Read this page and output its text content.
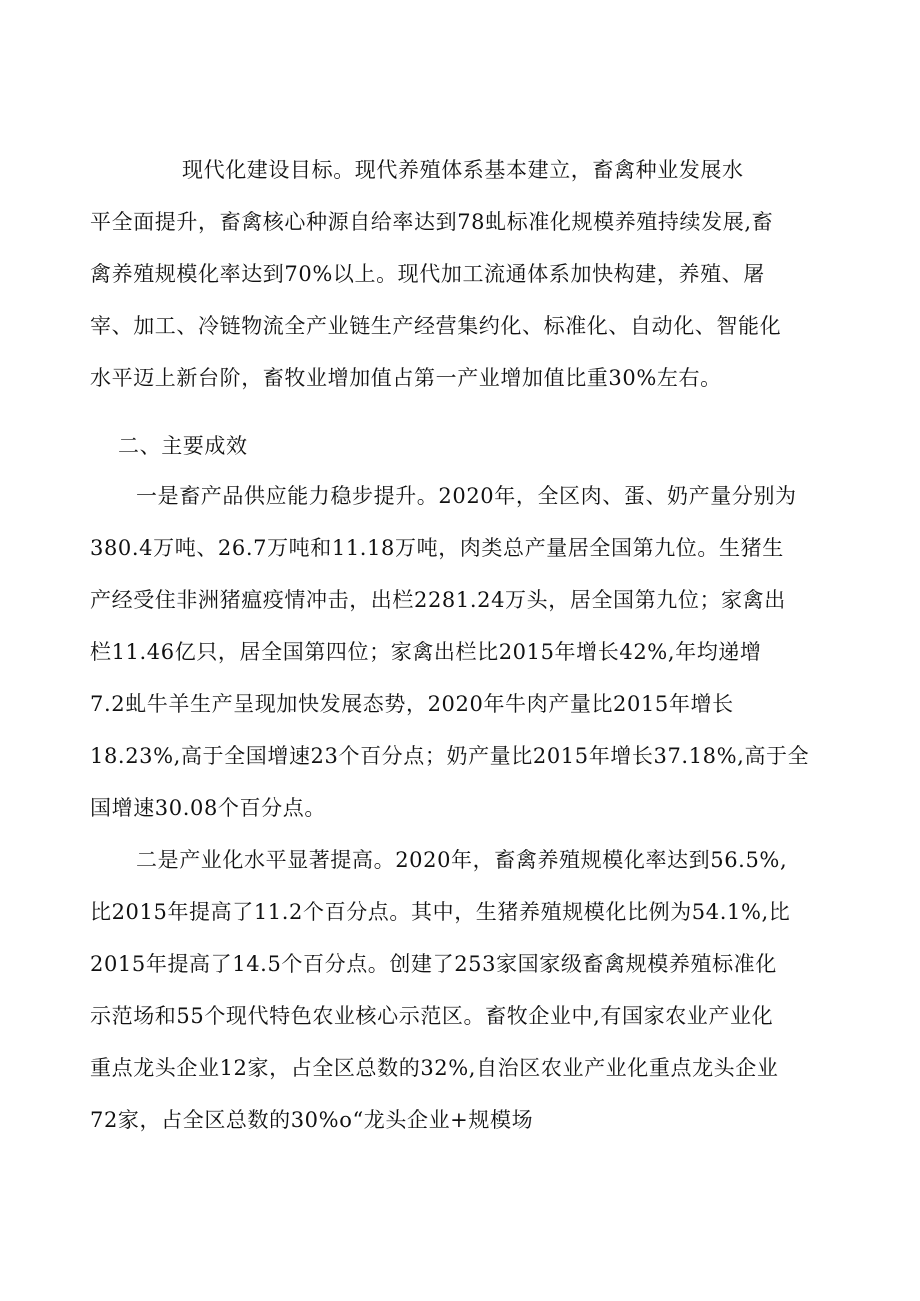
现代化建设目标。现代养殖体系基本建立，畜禽种业发展水
平全面提升，畜禽核心种源自给率达到78虬标准化规模养殖持续发展,畜
禽养殖规模化率达到70%以上。现代加工流通体系加快构建，养殖、屠
宰、加工、冷链物流全产业链生产经营集约化、标准化、自动化、智能化
水平迈上新台阶，畜牧业增加值占第一产业增加值比重30%左右。
二、主要成效
一是畜产品供应能力稳步提升。2020年，全区肉、蛋、奶产量分别为
380.4万吨、26.7万吨和11.18万吨，肉类总产量居全国第九位。生猪生
产经受住非洲猪瘟疫情冲击，出栏2281.24万头，居全国第九位；家禽出
栏11.46亿只，居全国第四位；家禽出栏比2015年增长42%,年均递增
7.2虬牛羊生产呈现加快发展态势，2020年牛肉产量比2015年增长
18.23%,高于全国增速23个百分点；奶产量比2015年增长37.18%,高于全
国增速30.08个百分点。
二是产业化水平显著提高。2020年，畜禽养殖规模化率达到56.5%,
比2015年提高了11.2个百分点。其中，生猪养殖规模化比例为54.1%,比
2015年提高了14.5个百分点。创建了253家国家级畜禽规模养殖标准化
示范场和55个现代特色农业核心示范区。畜牧企业中,有国家农业产业化
重点龙头企业12家，占全区总数的32%,自治区农业产业化重点龙头企业
72家，占全区总数的30%o“龙头企业+规模场
